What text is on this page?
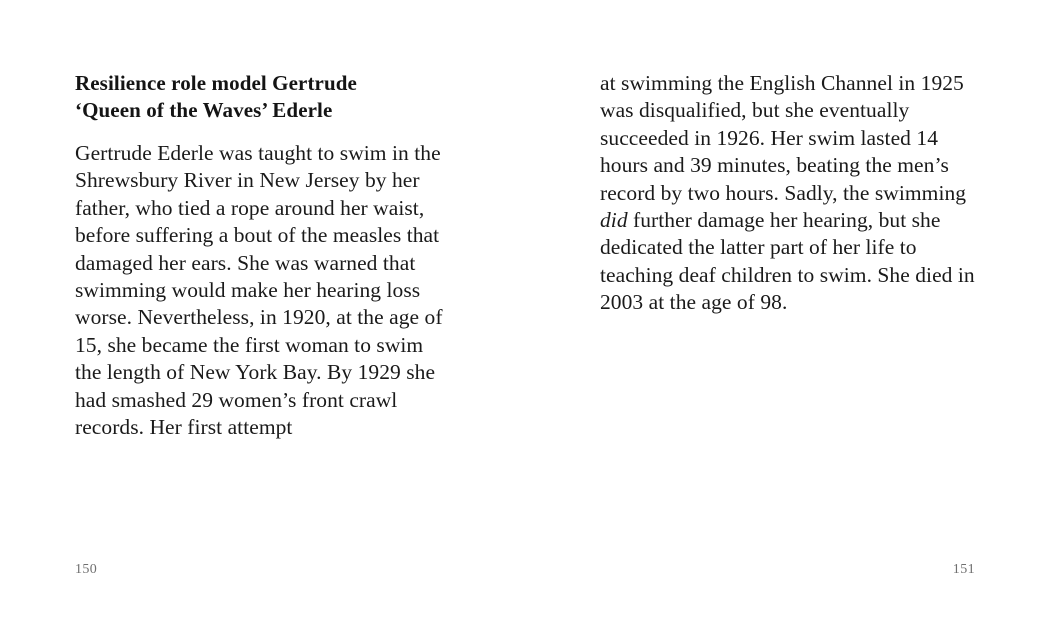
Resilience role model Gertrude
‘Queen of the Waves’ Ederle

Gertrude Ederle was taught to swim in the Shrewsbury River in New Jersey by her father, who tied a rope around her waist, before suffering a bout of the measles that damaged her ears. She was warned that swimming would make her hearing loss worse. Nevertheless, in 1920, at the age of 15, she became the first woman to swim the length of New York Bay. By 1929 she had smashed 29 women’s front crawl records. Her first attempt

150

at swimming the English Channel in 1925 was disqualified, but she eventually succeeded in 1926. Her swim lasted 14 hours and 39 minutes, beating the men’s record by two hours. Sadly, the swimming did further damage her hearing, but she dedicated the latter part of her life to teaching deaf children to swim. She died in 2003 at the age of 98.

151
